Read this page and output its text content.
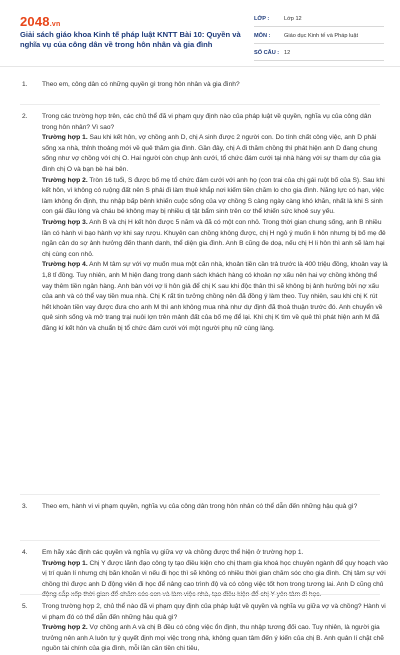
2048.vn
Giải sách giáo khoa Kinh tế pháp luật KNTT Bài 10: Quyền và nghĩa vụ của công dân về trong hôn nhân và gia đình
LỚP :	Lớp 12
MÔN :	Giáo dục Kinh tế và Pháp luật
SỐ CÂU : 12
1.	Theo em, công dân có những quyền gì trong hôn nhân và gia đình?
2.	Trong các trường hợp trên, các chủ thể đã vi phạm quy định nào của pháp luật về quyền, nghĩa vụ của công dân trong hôn nhân? Vì sao?
Trường hợp 1. Sau khi kết hôn, vợ chồng anh D, chị A sinh được 2 người con. Do tính chất công việc, anh D phải sống xa nhà, thỉnh thoảng mới về quê thăm gia đình. Gần đây, chị A đi thăm chồng thì phát hiện anh D đang chung sống như vợ chồng với chị O. Hai người còn chụp ảnh cưới, tổ chức đám cưới tại nhà hàng với sự tham dự của gia đình chị O và bạn bè hai bên.
Trường hợp 2. Tròn 16 tuổi, S được bố mẹ tổ chức đám cưới với anh họ (con trai của chị gái ruột bố của S). Sau khi kết hôn, vì không có ruộng đất nên S phải đi làm thuê khắp nơi kiếm tiền chăm lo cho gia đình. Năng lực có hạn, việc làm không ổn định, thu nhập bấp bênh khiến cuộc sống của vợ chồng S càng ngày càng khó khăn, nhất là khi S sinh con gái đầu lòng và cháu bé không may bị nhiều dị tật bẩm sinh trên cơ thể khiến sức khoẻ suy yếu.
Trường hợp 3. Anh B và chị H kết hôn được 5 năm và đã có một con nhỏ. Trong thời gian chung sống, anh B nhiều lần có hành vi bạo hành vợ khi say rượu. Khuyên can chồng không được, chị H ngỏ ý muốn li hôn nhưng bị bố mẹ đẻ ngăn cản do sợ ảnh hưởng đến thanh danh, thể diện gia đình. Anh B cũng đe doạ, nếu chị H li hôn thì anh sẽ làm hại chị cùng con nhỏ.
Trường hợp 4. Anh M tâm sự với vợ muốn mua một căn nhà, khoản tiền cần trả trước là 400 triệu đồng, khoản vay là 1,8 tỉ đồng. Tuy nhiên, anh M hiện đang trong danh sách khách hàng có khoản nợ xấu nên hai vợ chồng không thể vay thêm tiền ngân hàng. Anh bàn với vợ li hôn giả để chị K sau khi độc thân thì sẽ không bị ảnh hưởng bởi nợ xấu của anh và có thể vay tiền mua nhà. Chị K rất tin tưởng chồng nên đã đồng ý làm theo. Tuy nhiên, sau khi chị K rút hết khoản tiền vay được đưa cho anh M thì anh không mua nhà như dự định đã thoả thuận trước đó. Anh chuyển về quê sinh sống và mở trang trại nuôi lợn trên mảnh đất của bố mẹ để lại. Khi chị K tìm về quê thì phát hiện anh M đã đăng kí kết hôn và chuẩn bị tổ chức đám cưới với một người phụ nữ cùng làng.
3.	Theo em, hành vi vi phạm quyền, nghĩa vụ của công dân trong hôn nhân có thể dẫn đến những hậu quả gì?
4.	Em hãy xác định các quyền và nghĩa vụ giữa vợ và chồng được thể hiện ở trường hợp 1.
Trường hợp 1. Chị Y được lãnh đạo công ty tạo điều kiện cho chị tham gia khoá học chuyên ngành để quy hoạch vào vị trí quản lí nhưng chị băn khoăn vì nếu đi học thì sẽ không có nhiều thời gian chăm sóc cho gia đình. Chị tâm sự với chồng thì được anh D động viên đi học để nâng cao trình độ và có công việc tốt hơn trong tương lai. Anh D cũng chủ
5.	Trong trường hợp 2, chủ thể nào đã vi phạm quy định của pháp luật về quyền và nghĩa vụ giữa vợ và chồng? Hành vi vi phạm đó có thể dẫn đến những hậu quả gì?
Trường hợp 2. Vợ chồng anh A và chị B đều có công việc ổn định, thu nhập tương đối cao. Tuy nhiên, là người gia trưởng nên anh A luôn tự ý quyết định mọi việc trong nhà, không quan tâm đến ý kiến của chị B. Anh quản lí chặt chẽ nguồn tài chính của gia đình, mỗi lần cần tiền chi tiêu,
